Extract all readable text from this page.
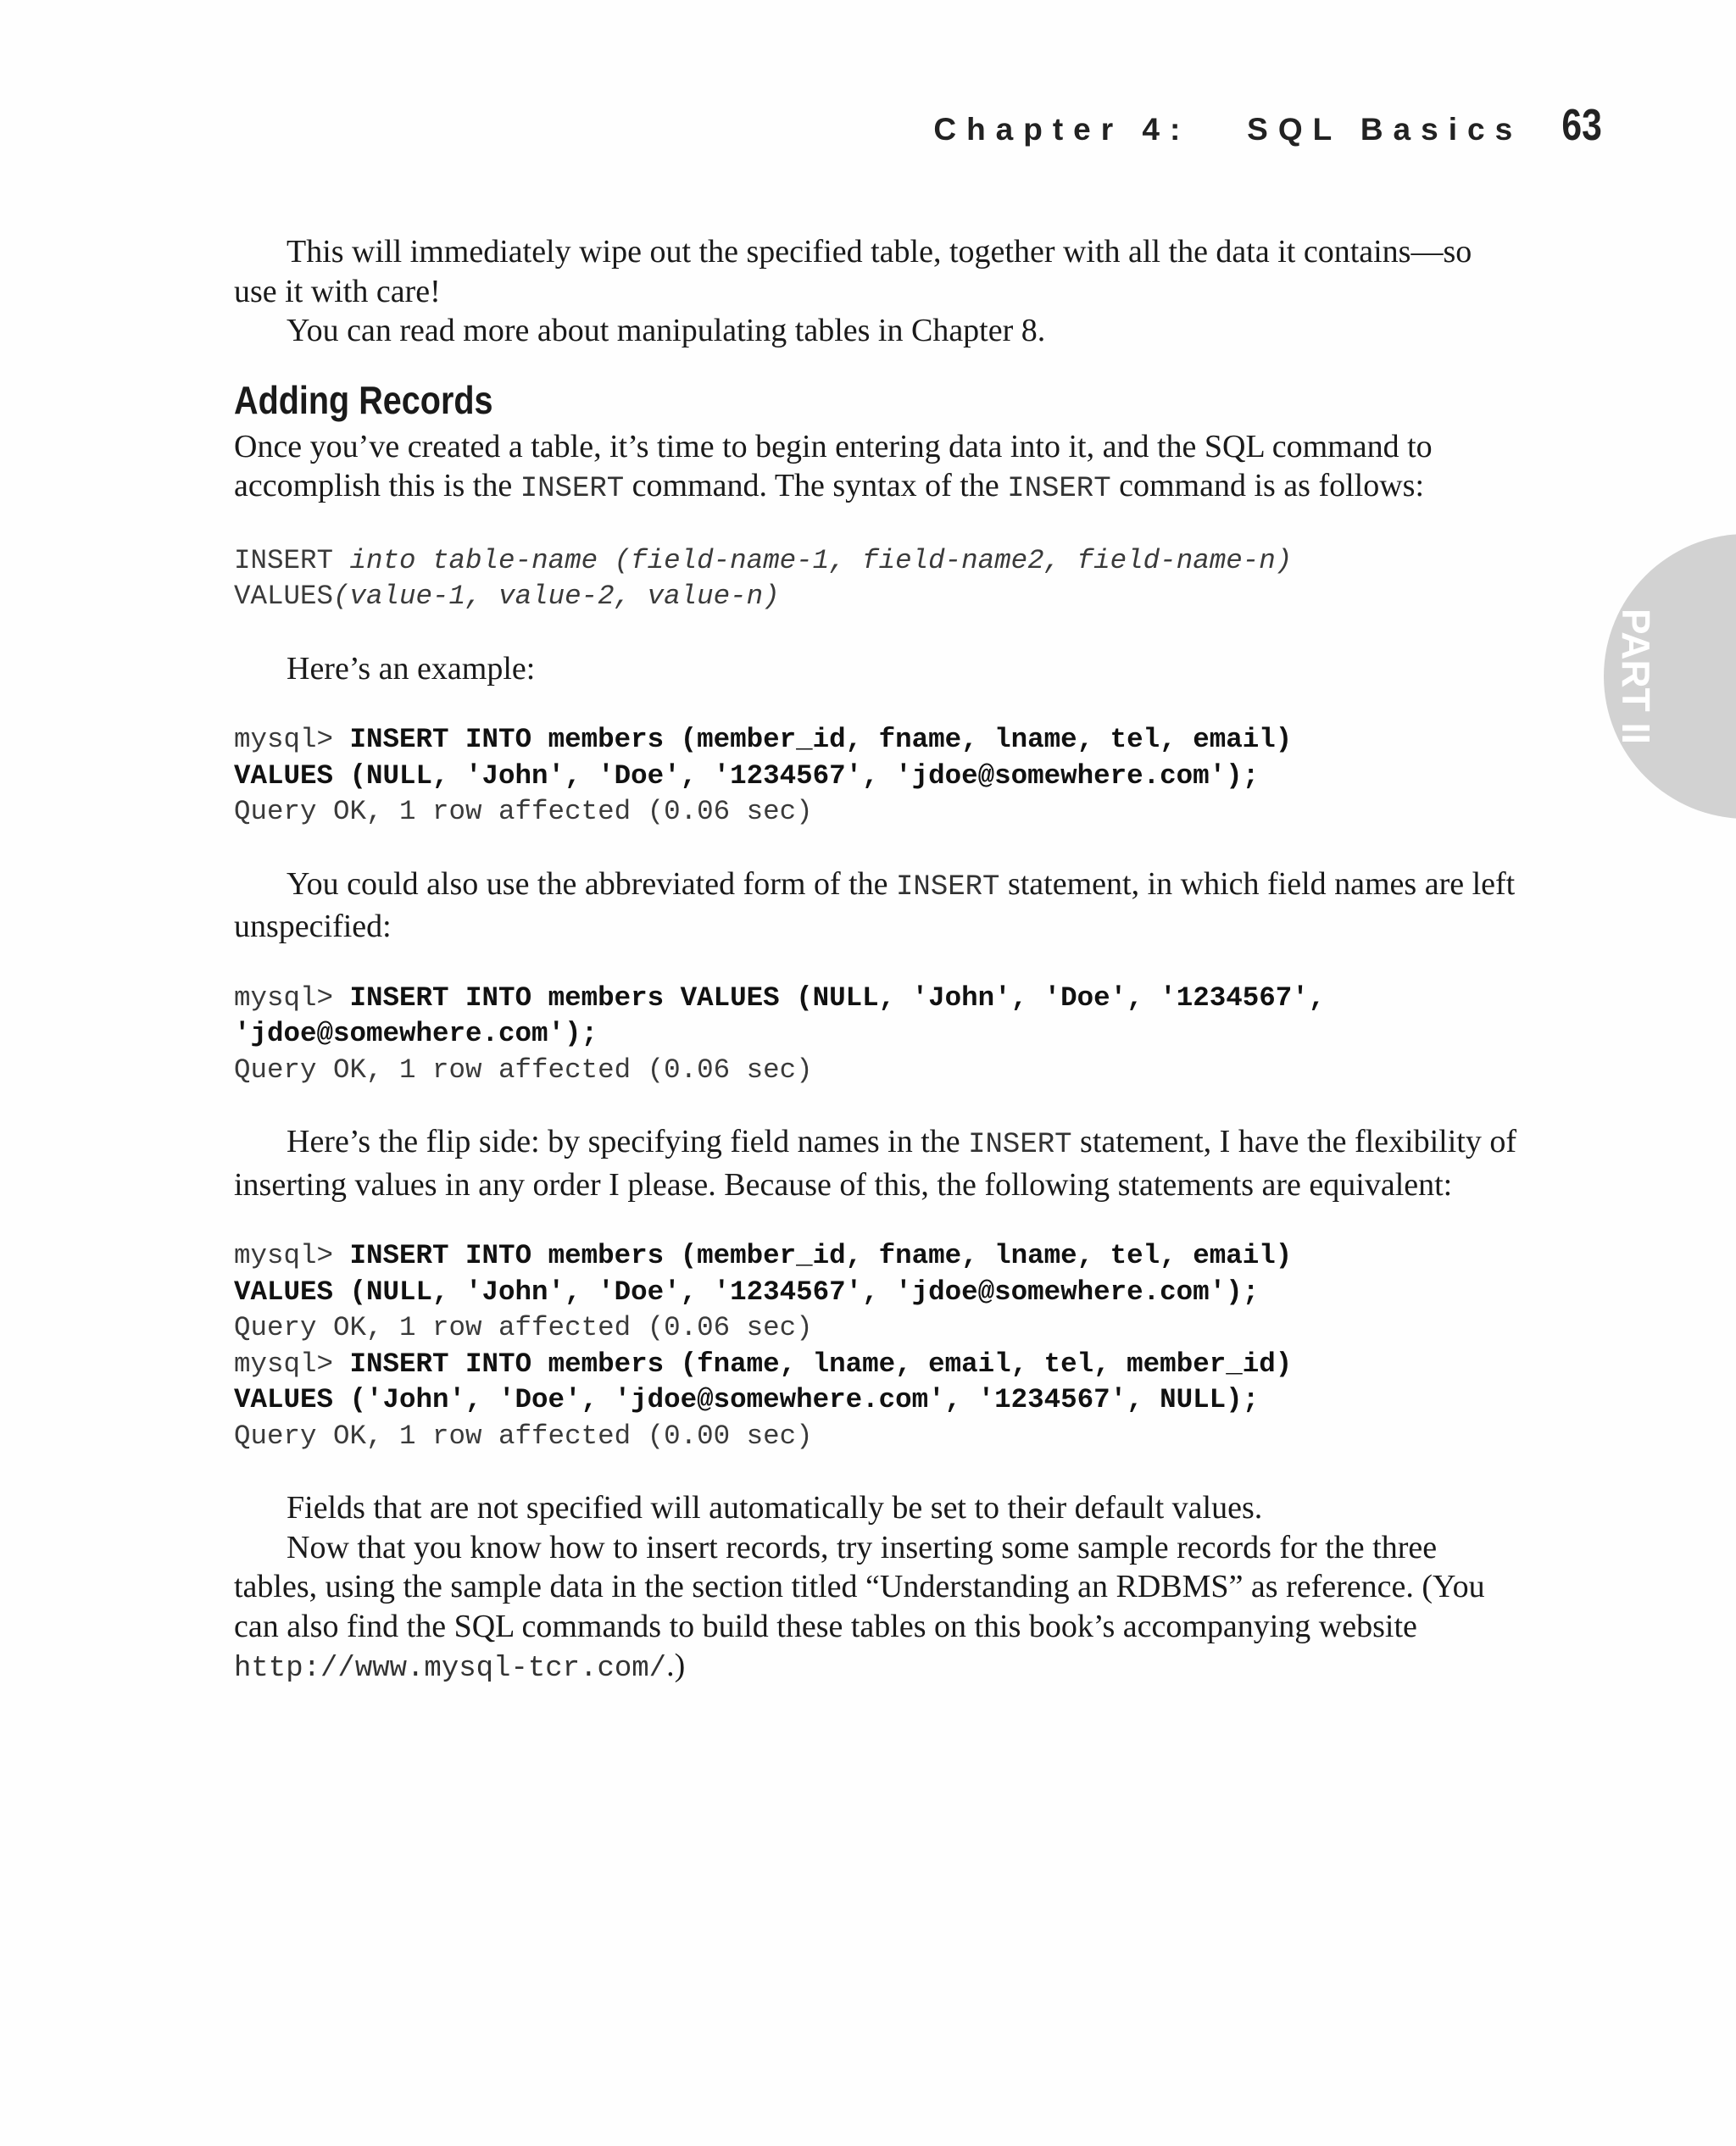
Chapter 4:   SQL Basics 63
PART II

This will immediately wipe out the specified table, together with all the data it contains—so use it with care!

You can read more about manipulating tables in Chapter 8.

Adding Records

Once you’ve created a table, it’s time to begin entering data into it, and the SQL command to accomplish this is the INSERT command. The syntax of the INSERT command is as follows:

INSERT into table-name (field-name-1, field-name2, field-name-n)
VALUES(value-1, value-2, value-n)

Here’s an example:

mysql> INSERT INTO members (member_id, fname, lname, tel, email)
VALUES (NULL, 'John', 'Doe', '1234567', 'jdoe@somewhere.com');
Query OK, 1 row affected (0.06 sec)

You could also use the abbreviated form of the INSERT statement, in which field names are left unspecified:

mysql> INSERT INTO members VALUES (NULL, 'John', 'Doe', '1234567',
'jdoe@somewhere.com');
Query OK, 1 row affected (0.06 sec)

Here’s the flip side: by specifying field names in the INSERT statement, I have the flexibility of inserting values in any order I please. Because of this, the following statements are equivalent:

mysql> INSERT INTO members (member_id, fname, lname, tel, email)
VALUES (NULL, 'John', 'Doe', '1234567', 'jdoe@somewhere.com');
Query OK, 1 row affected (0.06 sec)
mysql> INSERT INTO members (fname, lname, email, tel, member_id)
VALUES ('John', 'Doe', 'jdoe@somewhere.com', '1234567', NULL);
Query OK, 1 row affected (0.00 sec)

Fields that are not specified will automatically be set to their default values.

Now that you know how to insert records, try inserting some sample records for the three tables, using the sample data in the section titled “Understanding an RDBMS” as reference. (You can also find the SQL commands to build these tables on this book’s accompanying website http://www.mysql-tcr.com/.)
